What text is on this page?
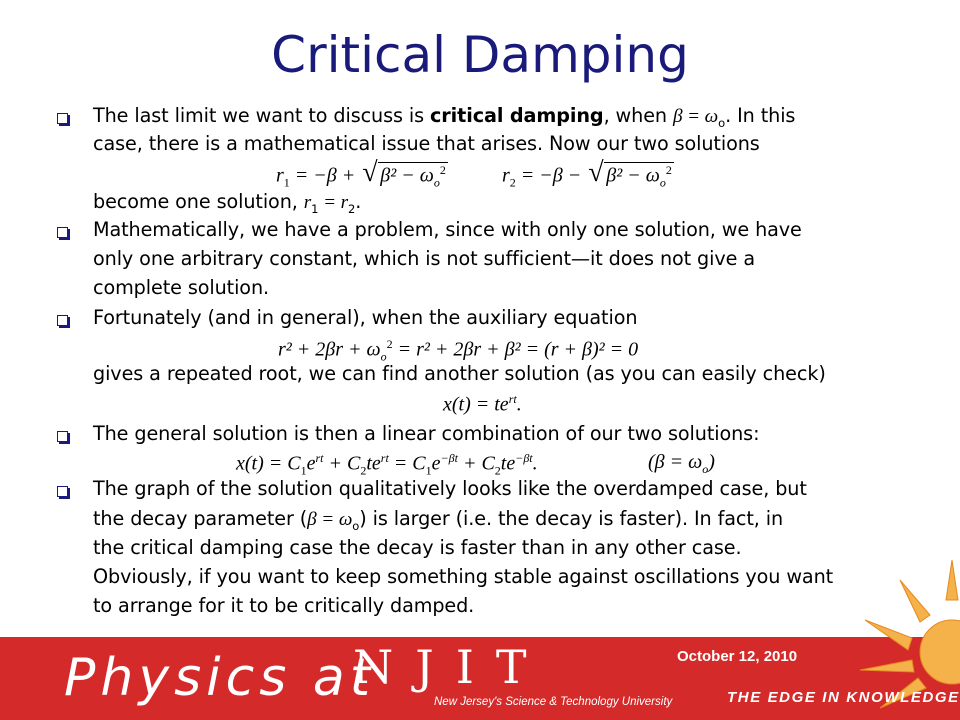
Critical Damping
The last limit we want to discuss is critical damping, when $\beta = \omega_o$. In this
case, there is a mathematical issue that arises. Now our two solutions
$r_1 = -\beta$ + √ $\beta^2 - \omega_o^2$	$r_2 = -\beta$ − √ $\beta^2 - \omega_o^2$
become one solution, $r_1 = r_2$.
Mathematically, we have a problem, since with only one solution, we have
only one arbitrary constant, which is not sufficient—it does not give a
complete solution.
Fortunately (and in general), when the auxiliary equation
$r^2 + 2\beta r + \omega_o^2 = r^2 + 2\beta r + \beta^2 = (r + \beta)^2 = 0$
gives a repeated root, we can find another solution (as you can easily check)
$x(t) = te^{rt}$.
The general solution is then a linear combination of our two solutions:
$x(t) = C_1e^{rt} + C_2te^{rt} = C_1e^{-\beta t} + C_2te^{-\beta t}$.	$(\beta = \omega_o)$
The graph of the solution qualitatively looks like the overdamped case, but
the decay parameter $(\beta = \omega_o)$ is larger (i.e. the decay is faster). In fact, in
the critical damping case the decay is faster than in any other case.
Obviously, if you want to keep something stable against oscillations you want
to arrange for it to be critically damped.
Physics at
NJIT
New Jersey's Science & Technology University	THE EDGE IN KNOWLEDGE
October 12, 2010
